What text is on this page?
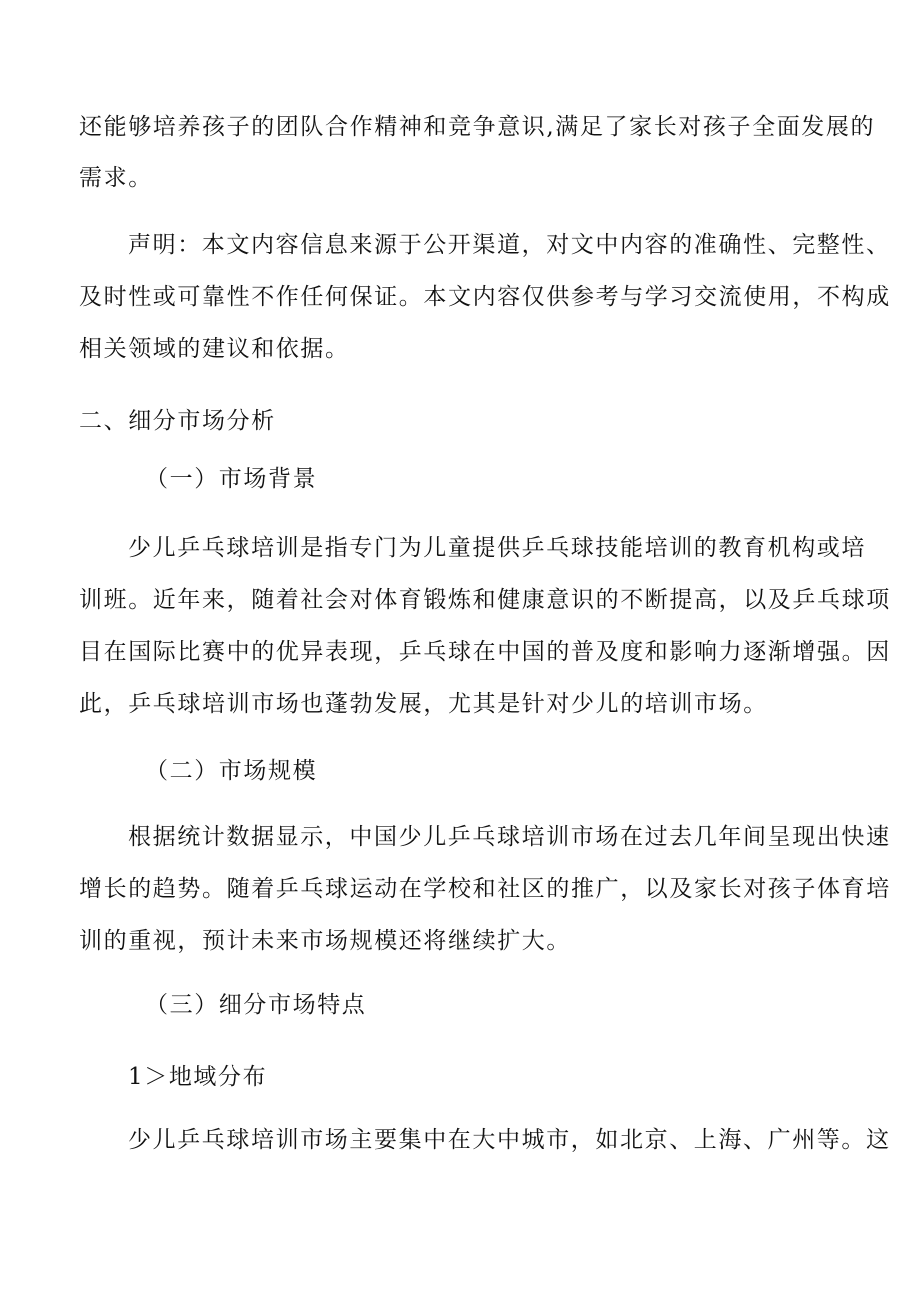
还能够培养孩子的团队合作精神和竞争意识,满足了家长对孩子全面发展的
需求。
声明：本文内容信息来源于公开渠道，对文中内容的准确性、完整性、
及时性或可靠性不作任何保证。本文内容仅供参考与学习交流使用，不构成
相关领域的建议和依据。
二、细分市场分析
（一）市场背景
少儿乒乓球培训是指专门为儿童提供乒乓球技能培训的教育机构或培
训班。近年来，随着社会对体育锻炼和健康意识的不断提高，以及乒乓球项
目在国际比赛中的优异表现，乒乓球在中国的普及度和影响力逐渐增强。因
此，乒乓球培训市场也蓬勃发展，尤其是针对少儿的培训市场。
（二）市场规模
根据统计数据显示，中国少儿乒乓球培训市场在过去几年间呈现出快速
增长的趋势。随着乒乓球运动在学校和社区的推广，以及家长对孩子体育培
训的重视，预计未来市场规模还将继续扩大。
（三）细分市场特点
1＞地域分布
少儿乒乓球培训市场主要集中在大中城市，如北京、上海、广州等。这
